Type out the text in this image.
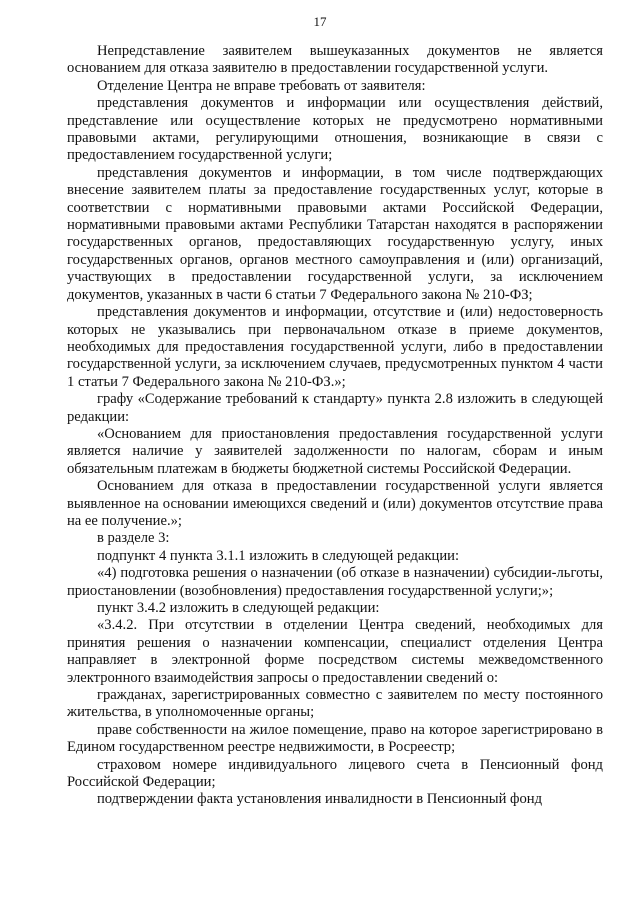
17

Непредставление заявителем вышеуказанных документов не является основанием для отказа заявителю в предоставлении государственной услуги.

Отделение Центра не вправе требовать от заявителя:

представления документов и информации или осуществления действий, представление или осуществление которых не предусмотрено нормативными правовыми актами, регулирующими отношения, возникающие в связи с предоставлением государственной услуги;

представления документов и информации, в том числе подтверждающих внесение заявителем платы за предоставление государственных услуг, которые в соответствии с нормативными правовыми актами Российской Федерации, нормативными правовыми актами Республики Татарстан находятся в распоряжении государственных органов, предоставляющих государственную услугу, иных государственных органов, органов местного самоуправления и (или) организаций, участвующих в предоставлении государственной услуги, за исключением документов, указанных в части 6 статьи 7 Федерального закона № 210-ФЗ;

представления документов и информации, отсутствие и (или) недостоверность которых не указывались при первоначальном отказе в приеме документов, необходимых для предоставления государственной услуги, либо в предоставлении государственной услуги, за исключением случаев, предусмотренных пунктом 4 части 1 статьи 7 Федерального закона № 210-ФЗ.»;

графу «Содержание требований к стандарту» пункта 2.8 изложить в следующей редакции:

«Основанием для приостановления предоставления государственной услуги является наличие у заявителей задолженности по налогам, сборам и иным обязательным платежам в бюджеты бюджетной системы Российской Федерации.

Основанием для отказа в предоставлении государственной услуги является выявленное на основании имеющихся сведений и (или) документов отсутствие права на ее получение.»;

в разделе 3:

подпункт 4 пункта 3.1.1 изложить в следующей редакции:

«4) подготовка решения о назначении (об отказе в назначении) субсидии-льготы, приостановлении (возобновления) предоставления государственной услуги;»;

пункт 3.4.2 изложить в следующей редакции:

«3.4.2. При отсутствии в отделении Центра сведений, необходимых для принятия решения о назначении компенсации, специалист отделения Центра направляет в электронной форме посредством системы межведомственного электронного взаимодействия запросы о предоставлении сведений о:

гражданах, зарегистрированных совместно с заявителем по месту постоянного жительства, в уполномоченные органы;

праве собственности на жилое помещение, право на которое зарегистрировано в Едином государственном реестре недвижимости, в Росреестр;

страховом номере индивидуального лицевого счета в Пенсионный фонд Российской Федерации;

подтверждении факта установления инвалидности в Пенсионный фонд
